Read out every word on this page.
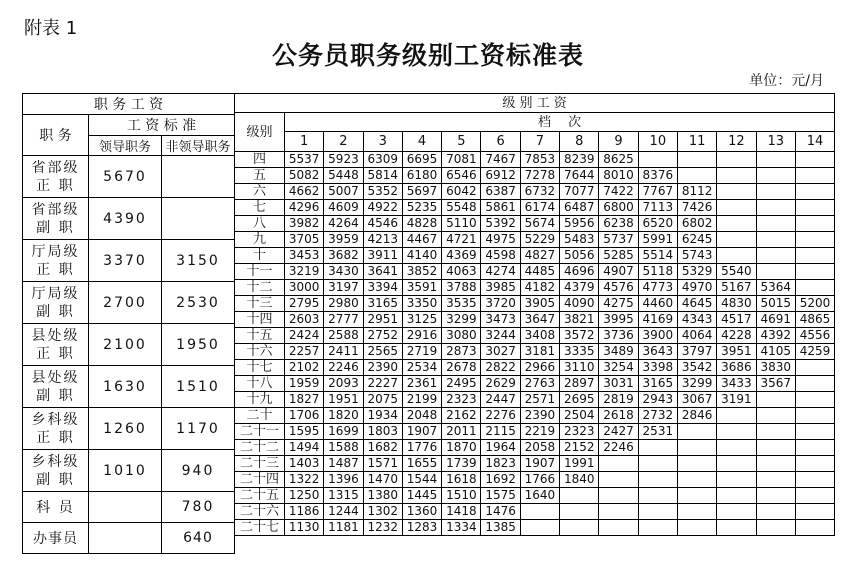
附表 1
公务员职务级别工资标准表
单位：元/月
职 务 工 资		
职 务	工 资 标 准	
	领导职务	非领导职务

省部级
正 职	5670	

省部级
副 职	4390	

厅局级
正 职	3370	3150

厅局级
副 职	2700	2530

县处级
正 职	2100	1950

县处级
副 职	1630	1510

乡科级
正 职	1260	1170

乡科级
副 职	1010	940

科 员		780

办事员		640
级 别 工 资														
级别	档　 次													
	1	2	3	4	5	6	7	8	9	10	11	12	13	14
四	5537	5923	6309	6695	7081	7467	7853	8239	8625					
五	5082	5448	5814	6180	6546	6912	7278	7644	8010	8376				
六	4662	5007	5352	5697	6042	6387	6732	7077	7422	7767	8112			
七	4296	4609	4922	5235	5548	5861	6174	6487	6800	7113	7426			
八	3982	4264	4546	4828	5110	5392	5674	5956	6238	6520	6802			
九	3705	3959	4213	4467	4721	4975	5229	5483	5737	5991	6245			
十	3453	3682	3911	4140	4369	4598	4827	5056	5285	5514	5743			
十一	3219	3430	3641	3852	4063	4274	4485	4696	4907	5118	5329	5540		
十二	3000	3197	3394	3591	3788	3985	4182	4379	4576	4773	4970	5167	5364	
十三	2795	2980	3165	3350	3535	3720	3905	4090	4275	4460	4645	4830	5015	5200
十四	2603	2777	2951	3125	3299	3473	3647	3821	3995	4169	4343	4517	4691	4865
十五	2424	2588	2752	2916	3080	3244	3408	3572	3736	3900	4064	4228	4392	4556
十六	2257	2411	2565	2719	2873	3027	3181	3335	3489	3643	3797	3951	4105	4259
十七	2102	2246	2390	2534	2678	2822	2966	3110	3254	3398	3542	3686	3830	
十八	1959	2093	2227	2361	2495	2629	2763	2897	3031	3165	3299	3433	3567	
十九	1827	1951	2075	2199	2323	2447	2571	2695	2819	2943	3067	3191		
二十	1706	1820	1934	2048	2162	2276	2390	2504	2618	2732	2846			
二十一	1595	1699	1803	1907	2011	2115	2219	2323	2427	2531				
二十二	1494	1588	1682	1776	1870	1964	2058	2152	2246					
二十三	1403	1487	1571	1655	1739	1823	1907	1991						
二十四	1322	1396	1470	1544	1618	1692	1766	1840						
二十五	1250	1315	1380	1445	1510	1575	1640							
二十六	1186	1244	1302	1360	1418	1476								
二十七	1130	1181	1232	1283	1334	1385								
